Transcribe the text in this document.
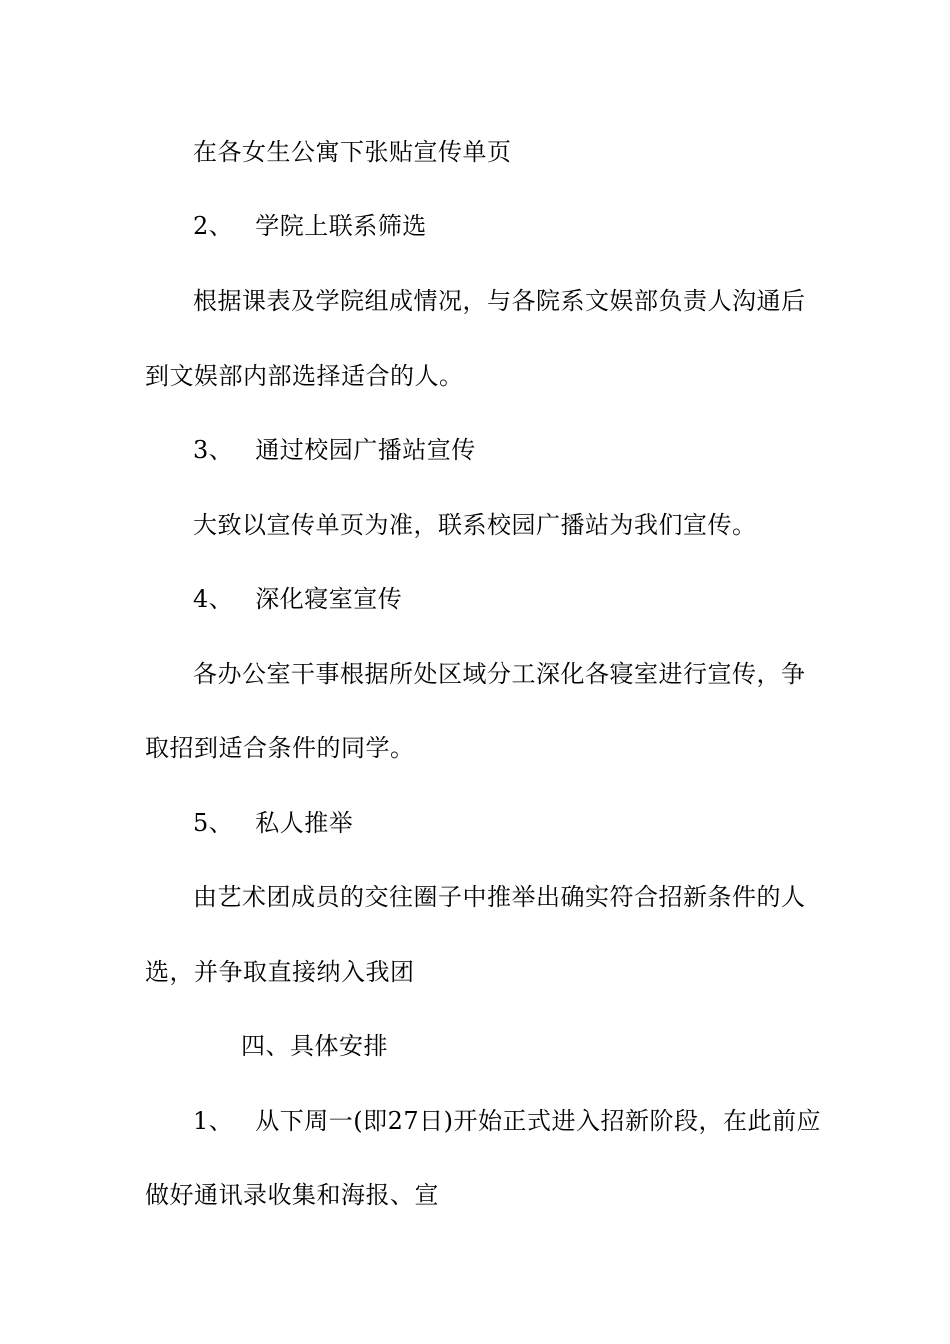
在各女生公寓下张贴宣传单页
2、 学院上联系筛选
根据课表及学院组成情况，与各院系文娱部负责人沟通后
到文娱部内部选择适合的人。
3、 通过校园广播站宣传
大致以宣传单页为准，联系校园广播站为我们宣传。
4、 深化寝室宣传
各办公室干事根据所处区域分工深化各寝室进行宣传，争
取招到适合条件的同学。
5、 私人推举
由艺术团成员的交往圈子中推举出确实符合招新条件的人
选，并争取直接纳入我团
四、具体安排
1、 从下周一(即27日)开始正式进入招新阶段，在此前应
做好通讯录收集和海报、宣
